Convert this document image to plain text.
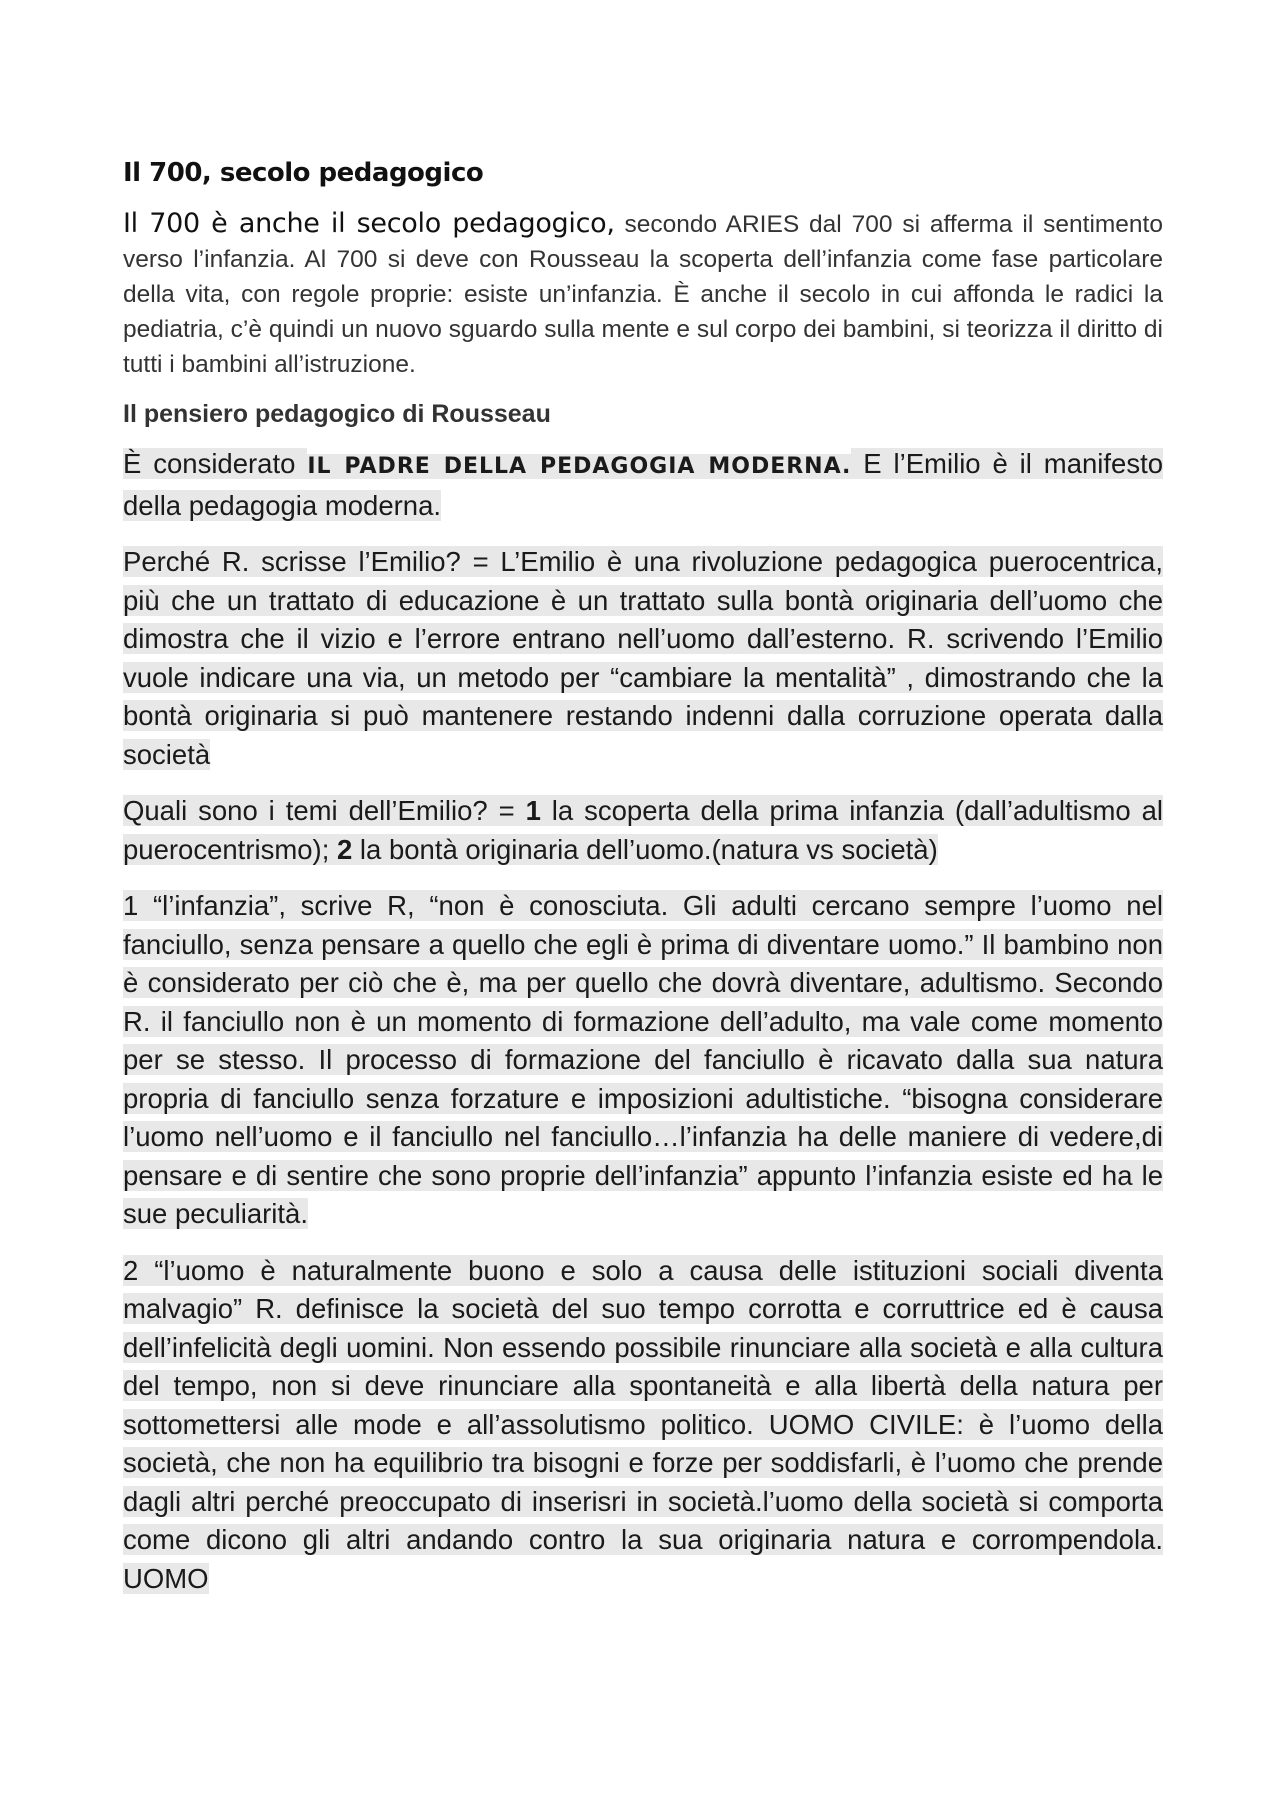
Il 700, secolo pedagogico

Il 700 è anche il secolo pedagogico, secondo ARIES dal 700 si afferma il sentimento verso l’infanzia. Al 700 si deve con Rousseau la scoperta dell’infanzia come fase particolare della vita, con regole proprie: esiste un’infanzia. È anche il secolo in cui affonda le radici la pediatria, c’è quindi un nuovo sguardo sulla mente e sul corpo dei bambini, si teorizza il diritto di tutti i bambini all’istruzione.

Il pensiero pedagogico di Rousseau

È considerato IL PADRE DELLA PEDAGOGIA MODERNA. E l’Emilio è il manifesto della pedagogia moderna.

Perché R. scrisse l’Emilio? = L’Emilio è una rivoluzione pedagogica puerocentrica, più che un trattato di educazione è un trattato sulla bontà originaria dell’uomo che dimostra che il vizio e l’errore entrano nell’uomo dall’esterno. R. scrivendo l’Emilio vuole indicare una via, un metodo per “cambiare la mentalità” , dimostrando che la bontà originaria si può mantenere restando indenni dalla corruzione operata dalla società

Quali sono i temi dell’Emilio? = 1 la scoperta della prima infanzia (dall’adultismo al puerocentrismo); 2 la bontà originaria dell’uomo.(natura vs società)

1 “l’infanzia”, scrive R, “non è conosciuta. Gli adulti cercano sempre l’uomo nel fanciullo, senza pensare a quello che egli è prima di diventare uomo.” Il bambino non è considerato per ciò che è, ma per quello che dovrà diventare, adultismo. Secondo R. il fanciullo non è un momento di formazione dell’adulto, ma vale come momento per se stesso. Il processo di formazione del fanciullo è ricavato dalla sua natura propria di fanciullo senza forzature e imposizioni adultistiche. “bisogna considerare l’uomo nell’uomo e il fanciullo nel fanciullo…l’infanzia ha delle maniere di vedere,di pensare e di sentire che sono proprie dell’infanzia” appunto l’infanzia esiste ed ha le sue peculiarità.

2 “l’uomo è naturalmente buono e solo a causa delle istituzioni sociali diventa malvagio” R. definisce la società del suo tempo corrotta e corruttrice ed è causa dell’infelicità degli uomini. Non essendo possibile rinunciare alla società e alla cultura del tempo, non si deve rinunciare alla spontaneità e alla libertà della natura per sottomettersi alle mode e all’assolutismo politico. UOMO CIVILE: è l’uomo della società, che non ha equilibrio tra bisogni e forze per soddisfarli, è l’uomo che prende dagli altri perché preoccupato di inserisri in società.l’uomo della società si comporta come dicono gli altri andando contro la sua originaria natura e corrompendola. UOMO
